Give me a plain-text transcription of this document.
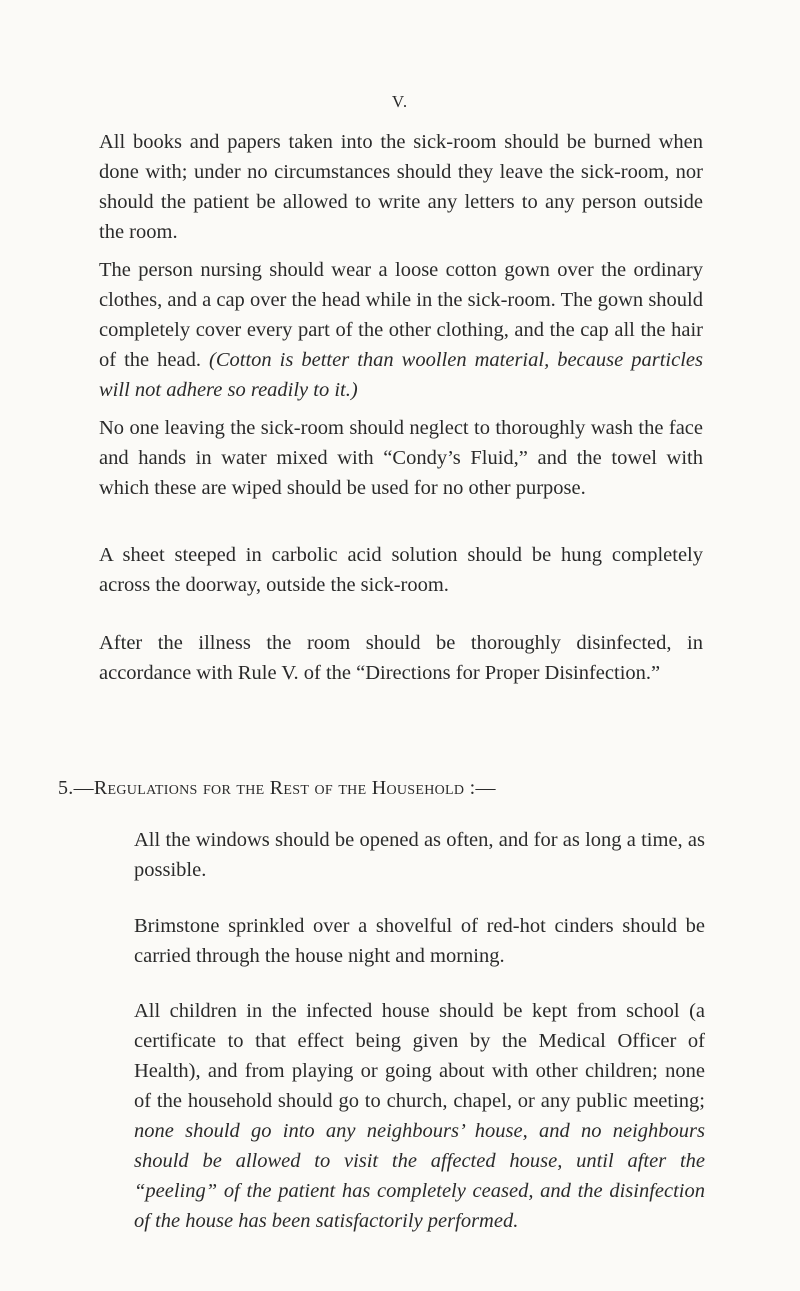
V.

All books and papers taken into the sick-room should be burned when done with; under no circumstances should they leave the sick-room, nor should the patient be allowed to write any letters to any person outside the room.

The person nursing should wear a loose cotton gown over the ordinary clothes, and a cap over the head while in the sick-room. The gown should completely cover every part of the other clothing, and the cap all the hair of the head. (Cotton is better than woollen material, because particles will not adhere so readily to it.)

No one leaving the sick-room should neglect to thoroughly wash the face and hands in water mixed with “Condy’s Fluid,” and the towel with which these are wiped should be used for no other purpose.

A sheet steeped in carbolic acid solution should be hung completely across the doorway, outside the sick-room.

After the illness the room should be thoroughly disinfected, in accordance with Rule V. of the “Directions for Proper Disinfection.”

5.—Regulations for the Rest of the Household :—

All the windows should be opened as often, and for as long a time, as possible.

Brimstone sprinkled over a shovelful of red-hot cinders should be carried through the house night and morning.

All children in the infected house should be kept from school (a certificate to that effect being given by the Medical Officer of Health), and from playing or going about with other children; none of the household should go to church, chapel, or any public meeting; none should go into any neighbours’ house, and no neighbours should be allowed to visit the affected house, until after the “peeling” of the patient has completely ceased, and the disinfection of the house has been satisfactorily performed.
